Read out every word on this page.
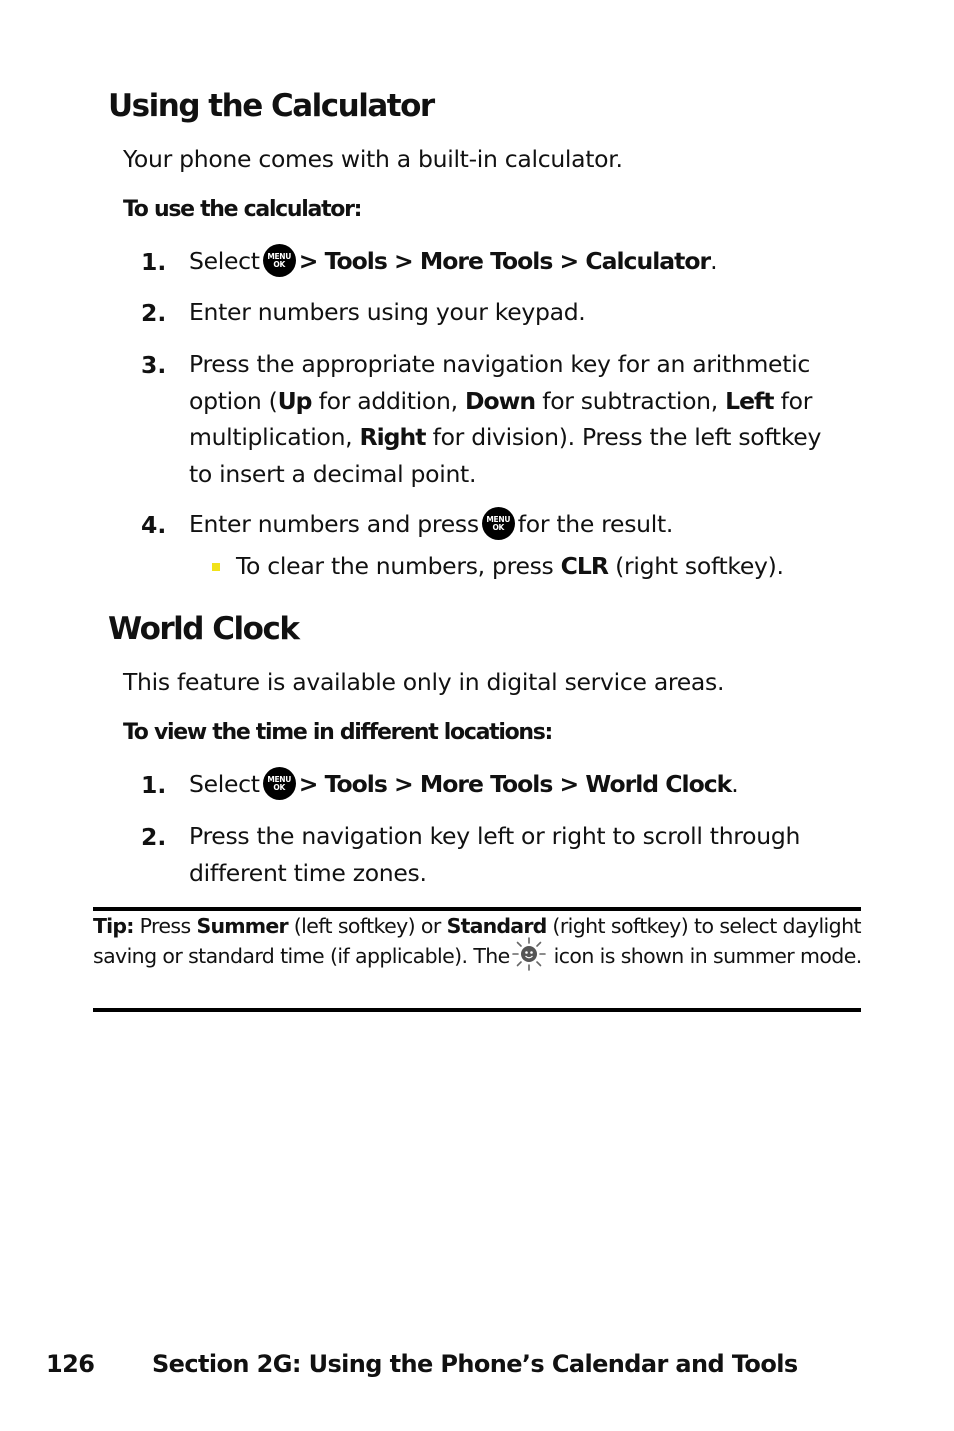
Using the Calculator
Your phone comes with a built-in calculator.
To use the calculator:
1. Select	MENU
OK > Tools > More Tools > Calculator.
2. Enter numbers using your keypad.
3. Press the appropriate navigation key for an arithmetic option (Up for addition, Down for subtraction, Left for multiplication, Right for division). Press the left softkey to insert a decimal point.
4. Enter numbers and press	MENU
OK for the result.
To clear the numbers, press CLR (right softkey).
World Clock
This feature is available only in digital service areas.
To view the time in different locations:
1. Select	MENU
OK > Tools > More Tools > World Clock.
2. Press the navigation key left or right to scroll through different time zones.
Tip: Press Summer (left softkey) or Standard (right softkey) to select daylight saving or standard time (if applicable). The icon is shown in summer mode.
126 Section 2G: Using the Phone’s Calendar and Tools
